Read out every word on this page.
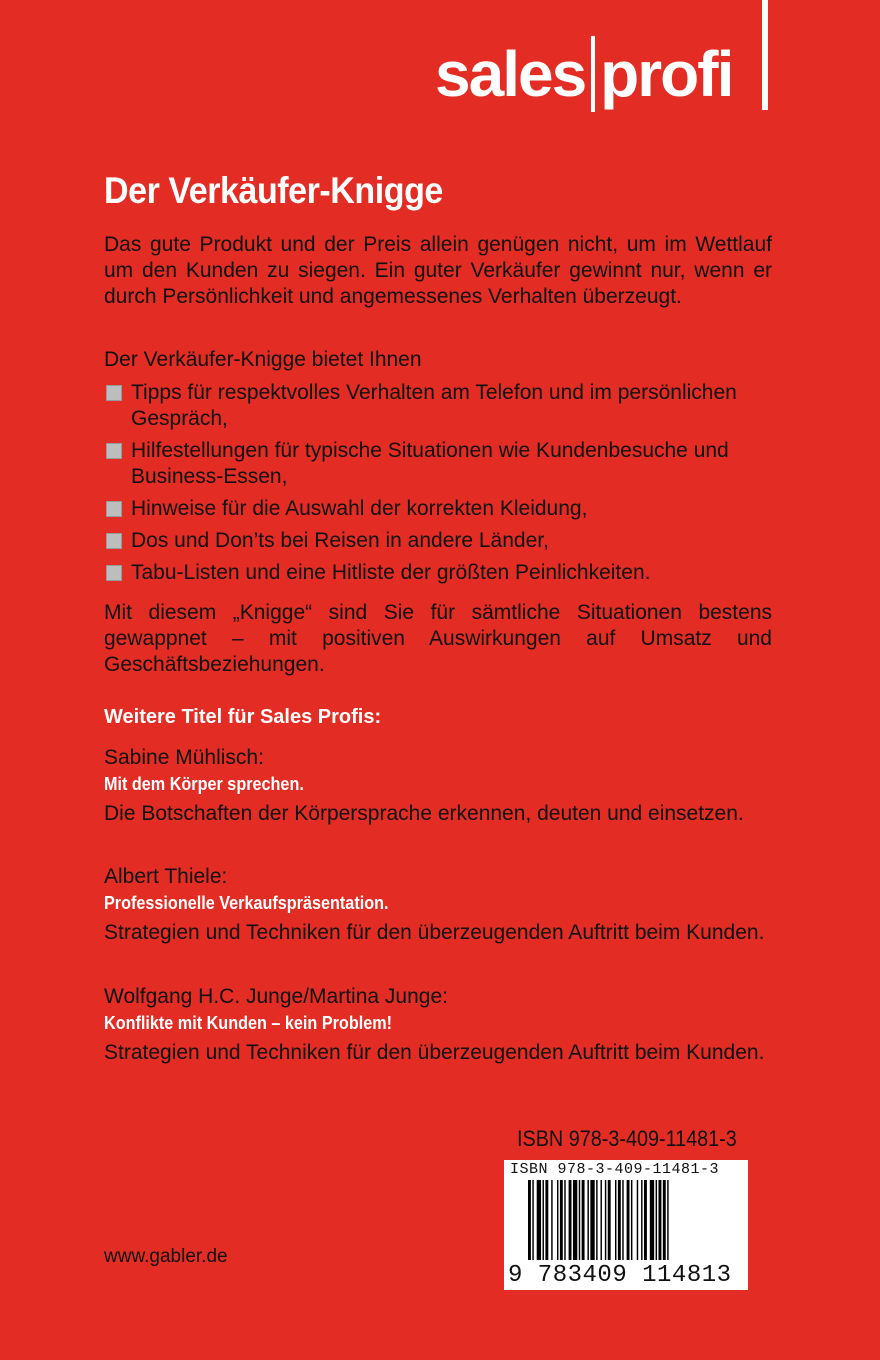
sales profi
Der Verkäufer-Knigge
Das gute Produkt und der Preis allein genügen nicht, um im Wettlauf um den Kunden zu siegen. Ein guter Verkäufer gewinnt nur, wenn er durch Persönlichkeit und angemessenes Verhalten überzeugt.
Der Verkäufer-Knigge bietet Ihnen
Tipps für respektvolles Verhalten am Telefon und im persönlichen Gespräch,
Hilfestellungen für typische Situationen wie Kundenbesuche und Business-Essen,
Hinweise für die Auswahl der korrekten Kleidung,
Dos und Don’ts bei Reisen in andere Länder,
Tabu-Listen und eine Hitliste der größten Peinlichkeiten.
Mit diesem „Knigge“ sind Sie für sämtliche Situationen bestens gewappnet – mit positiven Auswirkungen auf Umsatz und Geschäftsbeziehungen.
Weitere Titel für Sales Profis:
Sabine Mühlisch:
Mit dem Körper sprechen.
Die Botschaften der Körpersprache erkennen, deuten und einsetzen.
Albert Thiele:
Professionelle Verkaufspräsentation.
Strategien und Techniken für den überzeugenden Auftritt beim Kunden.
Wolfgang H.C. Junge/Martina Junge:
Konflikte mit Kunden – kein Problem!
Strategien und Techniken für den überzeugenden Auftritt beim Kunden.
ISBN 978-3-409-11481-3
ISBN 978-3-409-11481-3
9 783409 114813
www.gabler.de
